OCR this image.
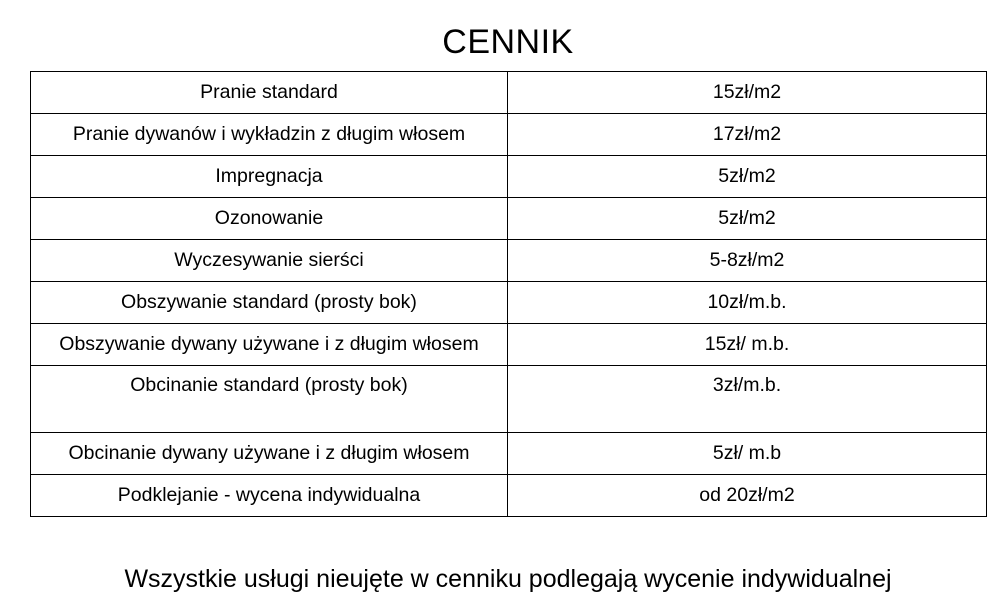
CENNIK
Pranie standard	15zł/m2
Pranie dywanów i wykładzin z długim włosem	17zł/m2
Impregnacja	5zł/m2
Ozonowanie	5zł/m2
Wyczesywanie sierści	5-8zł/m2
Obszywanie standard (prosty bok)	10zł/m.b.
Obszywanie dywany używane i z długim włosem	15zł/ m.b.
Obcinanie standard (prosty bok)	3zł/m.b.
Obcinanie dywany używane i z długim włosem	5zł/ m.b
Podklejanie - wycena indywidualna	od 20zł/m2
Wszystkie usługi nieujęte w cenniku podlegają wycenie indywidualnej
